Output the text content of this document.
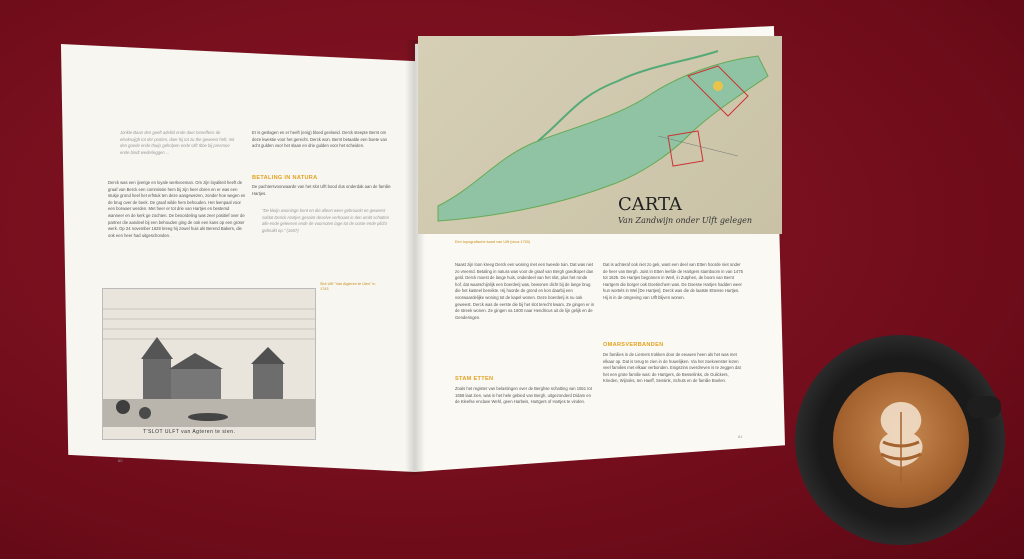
Jonkle Baan den geeft adeliid ende daer beneffens de elsekruijgh tot der portien, daer hij tot zu the geweest heft, mit den goede ende thuijs geholpen ende Ulft Ibbe bij presmoe ende bindt wederleggen ...
Derck was een ijverige en loyale werkvoeman. Om zijn loyaliteit heeft de graaf van Berck een commissie hem bij zijn heer doren en er was een stukje grond heel het erfstuk ten deze aangewezen, zonder hoe wegen en de brug over de beek. De graaf wilde hem behouden. Het leenpaal voor een borwaer werden. Met heer er tot drie van Hartjes en bestemd wanneer en de kerk ge zochten. De beoordeling was zeer positief over de partner die aandeel bij een behouden ging de ook een kans op een groter werk. Op 24 november 1628 kreeg hij zowel huis als Berend Bakers, die ook een heer had uitgeschonden.
Er is geslagen en er heeft (enig) bloed gevloeid. Derck steepte Bernt om deze kwestie voor het gerecht. Derck won. Bernt betaalde een boete van acht gulden voor het slaan en drie gulden voor het scheiden.
BETALING IN NATURA
De pachtersvoorwaarde van het slot Ulft bood dus onderdak aan de familie Hartjes.
"De kleijn wooninge bent en die alleen weer gebrouckt en geweest soldat Derick Hartjes gesaint deselve verhouwt in den ambt schatten alle ende geleesen ende de voornoten lage tot de ooste ende plicht gebruikt op." (1607)
Slot Ulft "Van Aigleren te Ulen" in 1743
T'SLOT ULFT van Agteren te sien.
60
CARTA
Van Zandwijn onder Ulft gelegen
Een topografische kaart van Ulft (circa 1750)
Naast zijn loon kreeg Derck een woning met een tweede tuin. Dat was niet zo vreemd. Betaling in natura was voor de graaf van Bergh goedkoper dan geld. Derck moest de lange huis, onderdeel van het slot, plus het ronde hof, dat waarschijnlijk een boerderij was, bewonen dicht bij de lange brug die het kasteel bereikte. Hij hoorde de grond en kon daarbij een voorwaardelijke woning tot de kapel wonen. Deze boerderij is nu ook geweest. Derck was de eerste die bij het slot terecht kwam. Ze gingen er in de streek wonen. Ze gingen na 1600 naar Hendricus uit de lijn gelijk en de Genderingen.
STAM ETTEN
Zoals het register van belastingen over de Berghse schatting van 1551 tot 1558 laat zien, was in het hele gebied van Bergh, uitgezonderd Didam en de Kleefse enclave Wehl, geen Harbeis, Hartgers of Hartjes te vinden.
Dat is achteraf ook niet zo gek, want een deel van Etten hoorde niet onder de heer van Bergh. Juist in Etten leefde de Hartgers stamboom in van 1475 tot 1625. De Hartjes begonnen in Werl, in Zutphen, de boom van Bernt Hartgers die borger ook Doetinchem was. De Doesse Hartjes hadden weer hun wortels in Wel [De Hartjes]. Derck was die de laatste Ettense Hartjes. Hij is in de omgeving van Ulft blijven wonen.
OMARSVERBANDEN
De families in de Liemers trokken door de eeuwen heen als het was met elkaar op. Dat is terug te zien in de huwelijken. Via het zoekvenster lezen veel families met elkaar verbonden. Enigszins overdreven is te zeggen dat het een grote familie was: de Hartgers, de Besselinks, de Gulickers, Krieden, Wijnoks, ten Haeff, Sessink, Schuts en de familie Boelen.
61
